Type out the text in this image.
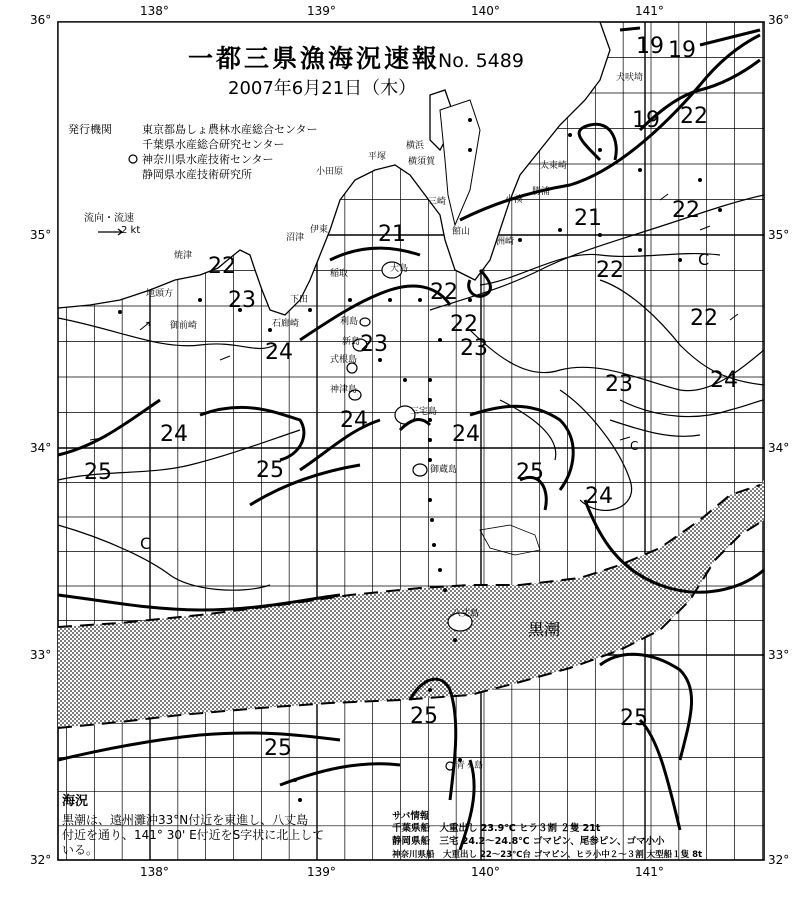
一都三県漁海況速報
No. 5489
2007年6月21日（木）
発行機関	東京都島しょ農林水産総合センター
千葉県水産総合研究センター
神奈川県水産技術センター
静岡県水産技術研究所
流向・流速
2 kt
138°	139°	140°	141°
138°	139°	140°	141°
36°
35°
34°
33°
32°
36°
35°
34°
33°
32°
19 19
19 22
21
21
22
22
22
22
22	22
23
23
23
23
24
24	24
24
24
24
25	25	25
25	25
25
犬吠埼
太東崎
勝浦
小湊
洲崎
館山
横須賀
三崎
平塚
横浜
小田原
伊東
沼津
稲取
下田
石廊崎
焼津
御前崎
地頭方
大島
利島
新島
式根島
神津島
三宅島
御蔵島
八丈島
青ヶ島
黒潮
C
C
C
海況
黒潮は、遠州灘沖33°N付近を東進し、八丈島
付近を通り、141° 30' E付近をS字状に北上して
いる。
サバ情報
千葉県船　大重出し 23.9℃ ヒラ３割 ２隻 21t
静岡県船　三宅 24.2～24.8℃ ゴマピン、尾参ピン、ゴマ小小
神奈川県船　大重出し 22～23℃台 ゴマピン、ヒラ小中２～３割 大型船１隻 8t
